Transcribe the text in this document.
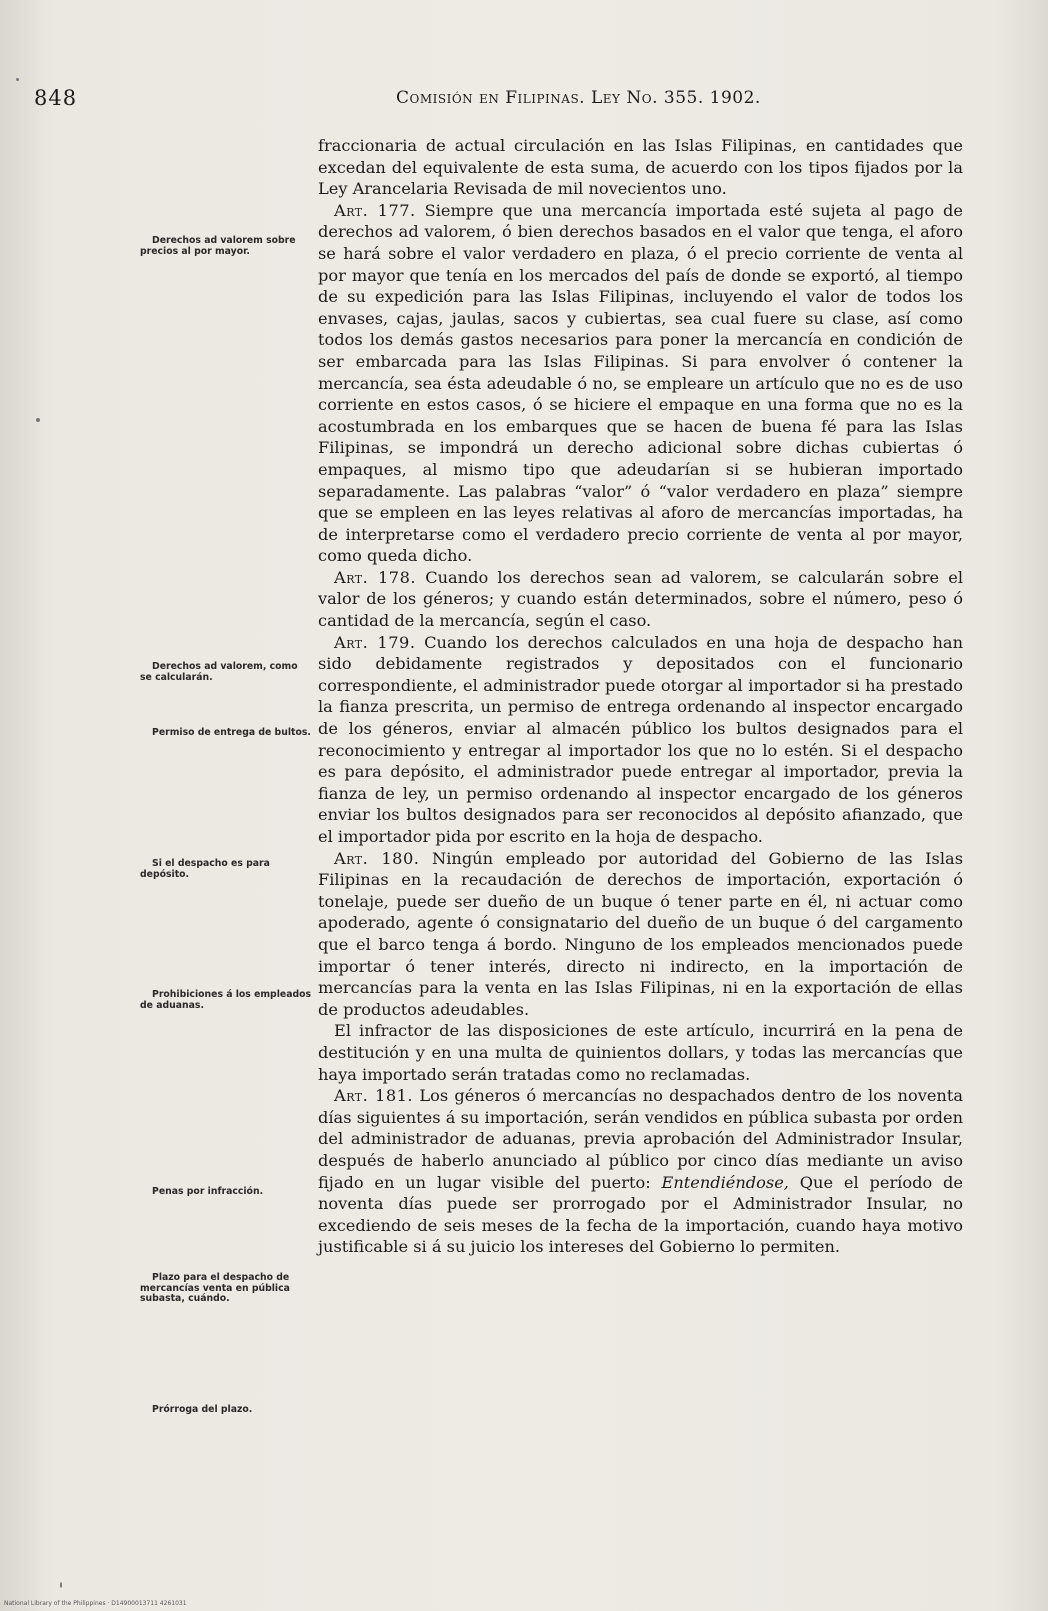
848	Comisión en Filipinas. Ley No. 355. 1902.
Derechos ad valorem sobre precios al por mayor.
Derechos ad valorem, como se calcularán.
Permiso de entrega de bultos.
Si el despacho es para depósito.
Prohibiciones á los empleados de aduanas.
Penas por infracción.
Plazo para el despacho de mercancías venta en pública subasta, cuándo.
Prórroga del plazo.

fraccionaria de actual circulación en las Islas Filipinas, en cantidades que excedan del equivalente de esta suma, de acuerdo con los tipos fijados por la Ley Arancelaria Revisada de mil novecientos uno.

Art. 177. Siempre que una mercancía importada esté sujeta al pago de derechos ad valorem, ó bien derechos basados en el valor que tenga, el aforo se hará sobre el valor verdadero en plaza, ó el precio corriente de venta al por mayor que tenía en los mercados del país de donde se exportó, al tiempo de su expedición para las Islas Filipinas, incluyendo el valor de todos los envases, cajas, jaulas, sacos y cubiertas, sea cual fuere su clase, así como todos los demás gastos necesarios para poner la mercancía en condición de ser embarcada para las Islas Filipinas. Si para envolver ó contener la mercancía, sea ésta adeudable ó no, se empleare un artículo que no es de uso corriente en estos casos, ó se hiciere el empaque en una forma que no es la acostumbrada en los embarques que se hacen de buena fé para las Islas Filipinas, se impondrá un derecho adicional sobre dichas cubiertas ó empaques, al mismo tipo que adeudarían si se hubieran importado separadamente. Las palabras “valor” ó “valor verdadero en plaza” siempre que se empleen en las leyes relativas al aforo de mercancías importadas, ha de interpretarse como el verdadero precio corriente de venta al por mayor, como queda dicho.

Art. 178. Cuando los derechos sean ad valorem, se calcularán sobre el valor de los géneros; y cuando están determinados, sobre el número, peso ó cantidad de la mercancía, según el caso.

Art. 179. Cuando los derechos calculados en una hoja de despacho han sido debidamente registrados y depositados con el funcionario correspondiente, el administrador puede otorgar al importador si ha prestado la fianza prescrita, un permiso de entrega ordenando al inspector encargado de los géneros, enviar al almacén público los bultos designados para el reconocimiento y entregar al importador los que no lo estén. Si el despacho es para depósito, el administrador puede entregar al importador, previa la fianza de ley, un permiso ordenando al inspector encargado de los géneros enviar los bultos designados para ser reconocidos al depósito afianzado, que el importador pida por escrito en la hoja de despacho.

Art. 180. Ningún empleado por autoridad del Gobierno de las Islas Filipinas en la recaudación de derechos de importación, exportación ó tonelaje, puede ser dueño de un buque ó tener parte en él, ni actuar como apoderado, agente ó consignatario del dueño de un buque ó del cargamento que el barco tenga á bordo. Ninguno de los empleados mencionados puede importar ó tener interés, directo ni indirecto, en la importación de mercancías para la venta en las Islas Filipinas, ni en la exportación de ellas de productos adeudables.

El infractor de las disposiciones de este artículo, incurrirá en la pena de destitución y en una multa de quinientos dollars, y todas las mercancías que haya importado serán tratadas como no reclamadas.

Art. 181. Los géneros ó mercancías no despachados dentro de los noventa días siguientes á su importación, serán vendidos en pública subasta por orden del administrador de aduanas, previa aprobación del Administrador Insular, después de haberlo anunciado al público por cinco días mediante un aviso fijado en un lugar visible del puerto: Entendiéndose, Que el período de noventa días puede ser prorrogado por el Administrador Insular, no excediendo de seis meses de la fecha de la importación, cuando haya motivo justificable si á su juicio los intereses del Gobierno lo permiten.

National Library of the Philippines · D14900013711 4261031
